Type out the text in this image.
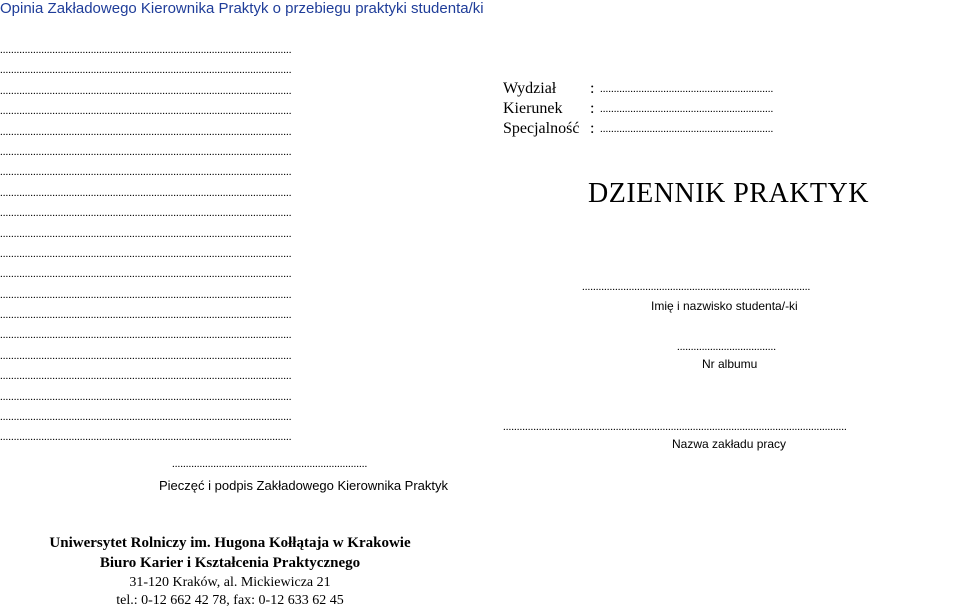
Opinia Zakładowego Kierownika Praktyk o przebiegu praktyki studenta/ki
..........................................................................................................
..........................................................................................................
..........................................................................................................
..........................................................................................................
..........................................................................................................
..........................................................................................................
..........................................................................................................
..........................................................................................................
..........................................................................................................
..........................................................................................................
..........................................................................................................
..........................................................................................................
..........................................................................................................
..........................................................................................................
..........................................................................................................
..........................................................................................................
..........................................................................................................
..........................................................................................................
..........................................................................................................
..........................................................................................................
.......................................................................
Pieczęć i podpis Zakładowego Kierownika Praktyk
Uniwersytet Rolniczy im. Hugona Kołłątaja w Krakowie
Biuro Karier i Kształcenia Praktycznego
31-120 Kraków, al. Mickiewicza 21
tel.: 0-12 662 42 78, fax: 0-12 633 62 45
Wydział : ...............................................................
Kierunek : ...............................................................
Specjalność : ...............................................................
DZIENNIK PRAKTYK
...................................................................................
Imię i nazwisko studenta/-ki
....................................
Nr albumu
.............................................................................................................................
Nazwa zakładu pracy
